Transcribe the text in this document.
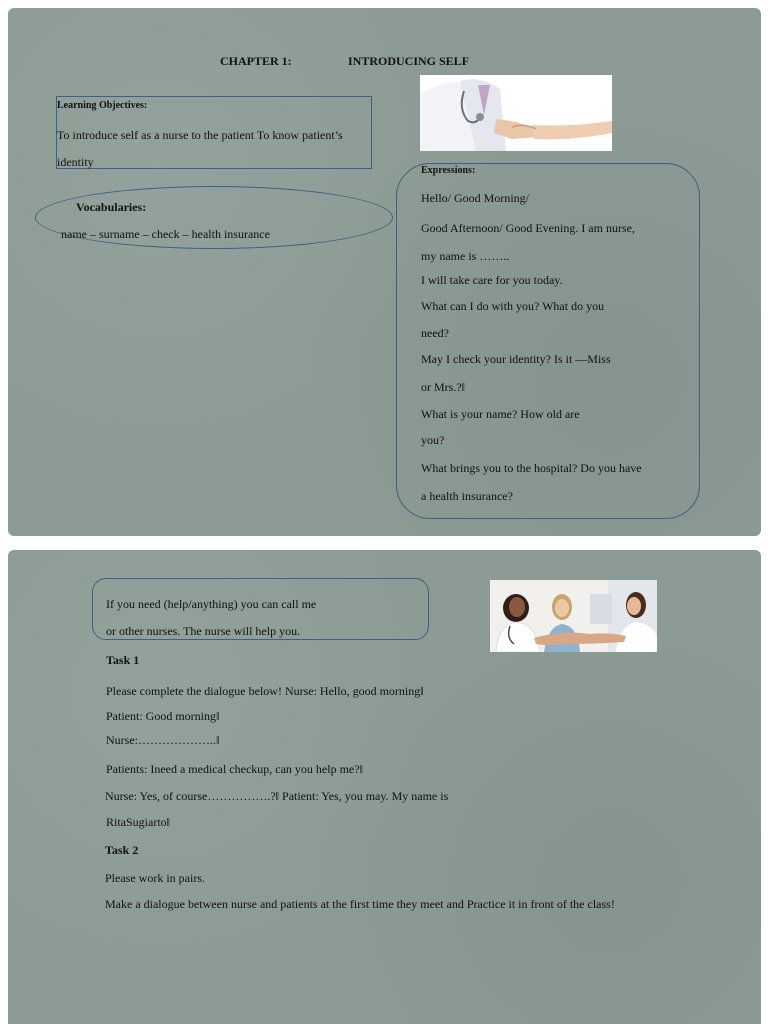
CHAPTER 1:	INTRODUCING SELF
Learning Objectives:
To introduce self as a nurse to the patient To know patient’s
identity
Vocabularies:
name – surname – check – health insurance
Expressions:
Hello/ Good Morning/
Good Afternoon/ Good Evening. I am nurse,
my name is ……..
I will take care for you today.
What can I do with you? What do you
need?
May I check your identity? Is it ―Miss
or Mrs.?‖
What is your name? How old are
you?
What brings you to the hospital? Do you have
a health insurance?
If you need (help/anything) you can call me
or other nurses. The nurse will help you.
Task 1
Please complete the dialogue below! Nurse: Hello, good morning‖
Patient: Good morning‖
Nurse:………………..‖
Patients: Ineed a medical checkup, can you help me?‖
Nurse: Yes, of course…………….?‖ Patient: Yes, you may. My name is
RitaSugiarto‖
Task 2
Please work in pairs.
Make a dialogue between nurse and patients at the first time they meet and Practice it in front of the class!
